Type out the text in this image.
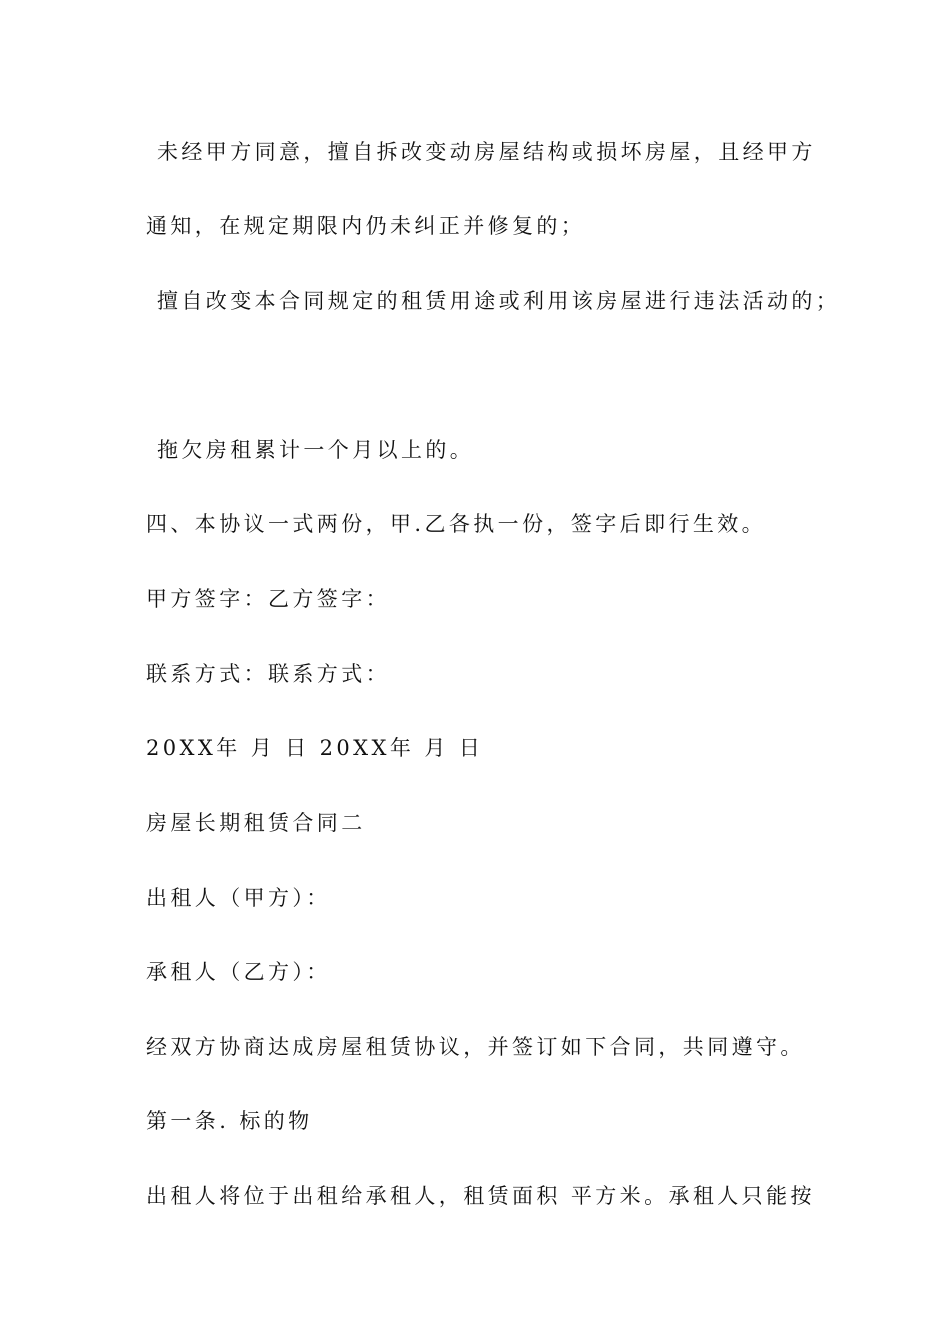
未经甲方同意，擅自拆改变动房屋结构或损坏房屋，且经甲方
通知，在规定期限内仍未纠正并修复的；
擅自改变本合同规定的租赁用途或利用该房屋进行违法活动的；
拖欠房租累计一个月以上的。
四、本协议一式两份，甲.乙各执一份，签字后即行生效。
甲方签字：乙方签字：
联系方式：联系方式：
20XX年 月 日 20XX年 月 日
房屋长期租赁合同二
出租人（甲方）：
承租人（乙方）：
经双方协商达成房屋租赁协议，并签订如下合同，共同遵守。
第一条. 标的物
出租人将位于出租给承租人，租赁面积 平方米。承租人只能按
